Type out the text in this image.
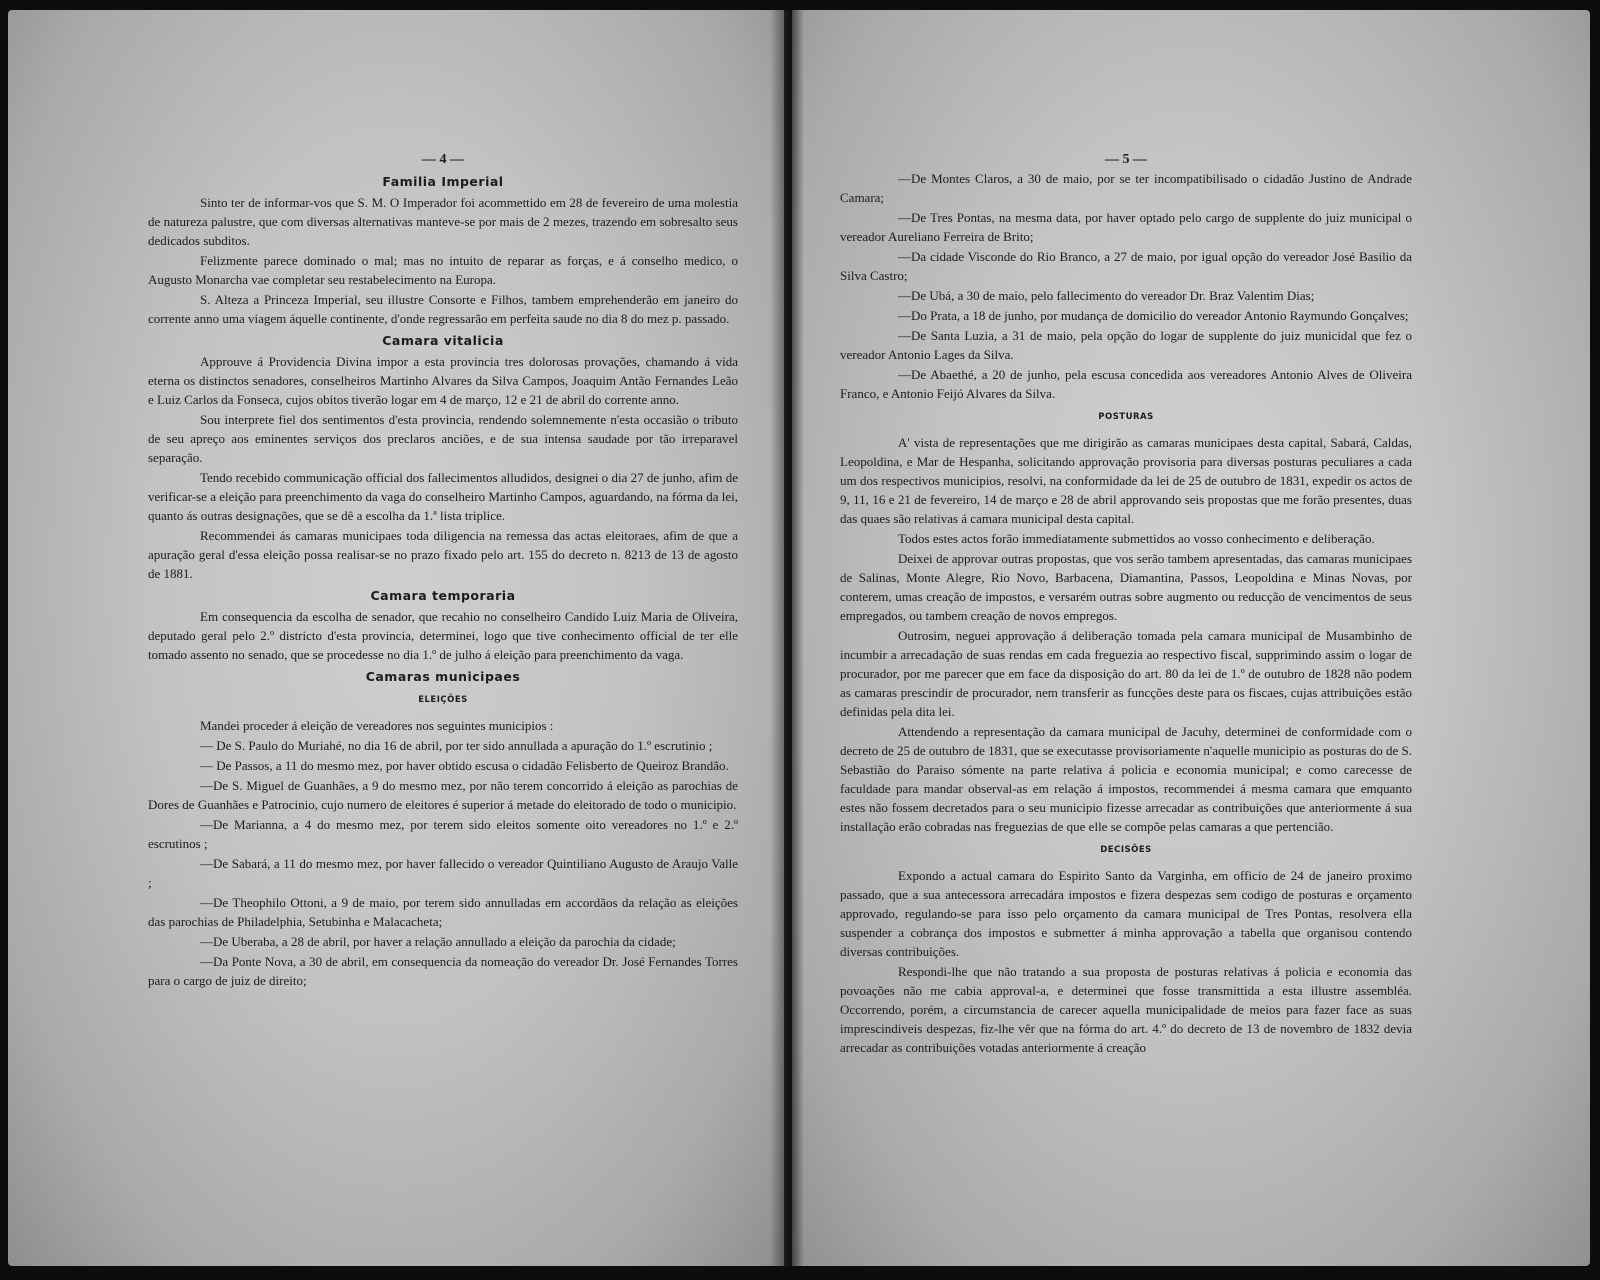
— 4 —

Familia Imperial

Sinto ter de informar-vos que S. M. O Imperador foi acommettido em 28 de fevereiro de uma molestia de natureza palustre, que com diversas alternativas manteve-se por mais de 2 mezes, trazendo em sobresalto seus dedicados subditos.

Felizmente parece dominado o mal; mas no intuito de reparar as forças, e á conselho medico, o Augusto Monarcha vae completar seu restabelecimento na Europa.

S. Alteza a Princeza Imperial, seu illustre Consorte e Filhos, tambem emprehenderão em janeiro do corrente anno uma viagem áquelle continente, d'onde regressarão em perfeita saude no dia 8 do mez p. passado.

Camara vitalicia

Approuve á Providencia Divina impor a esta provincia tres dolorosas provações, chamando á vida eterna os distinctos senadores, conselheiros Martinho Alvares da Silva Campos, Joaquim Antão Fernandes Leão e Luiz Carlos da Fonseca, cujos obitos tiverão logar em 4 de março, 12 e 21 de abril do corrente anno.

Sou interprete fiel dos sentimentos d'esta provincia, rendendo solemnemente n'esta occasião o tributo de seu apreço aos eminentes serviços dos preclaros anciões, e de sua intensa saudade por tão irreparavel separação.

Tendo recebido communicação official dos fallecimentos alludidos, designei o dia 27 de junho, afim de verificar-se a eleição para preenchimento da vaga do conselheiro Martinho Campos, aguardando, na fórma da lei, quanto ás outras designações, que se dê a escolha da 1.ª lista triplice.

Recommendei ás camaras municipaes toda diligencia na remessa das actas eleitoraes, afim de que a apuração geral d'essa eleição possa realisar-se no prazo fixado pelo art. 155 do decreto n. 8213 de 13 de agosto de 1881.

Camara temporaria

Em consequencia da escolha de senador, que recahio no conselheiro Candido Luiz Maria de Oliveira, deputado geral pelo 2.º districto d'esta provincia, determinei, logo que tive conhecimento official de ter elle tomado assento no senado, que se procedesse no dia 1.º de julho á eleição para preenchimento da vaga.

Camaras municipaes
ELEIÇÕES

Mandei proceder á eleição de vereadores nos seguintes municipios :

— De S. Paulo do Muriahé, no dia 16 de abril, por ter sido annullada a apuração do 1.º escrutinio ;

— De Passos, a 11 do mesmo mez, por haver obtido escusa o cidadão Felisberto de Queiroz Brandão.

—De S. Miguel de Guanhães, a 9 do mesmo mez, por não terem concorrido á eleição as parochias de Dores de Guanhães e Patrocinio, cujo numero de eleitores é superior á metade do eleitorado de todo o municipio.

—De Marianna, a 4 do mesmo mez, por terem sido eleitos somente oito vereadores no 1.º e 2.º escrutinos ;

—De Sabará, a 11 do mesmo mez, por haver fallecido o vereador Quintiliano Augusto de Araujo Valle ;

—De Theophilo Ottoni, a 9 de maio, por terem sido annulladas em accordãos da relação as eleições das parochias de Philadelphia, Setubinha e Malacacheta;

—De Uberaba, a 28 de abril, por haver a relação annullado a eleição da parochia da cidade;

—Da Ponte Nova, a 30 de abril, em consequencia da nomeação do vereador Dr. José Fernandes Torres para o cargo de juiz de direito;

— 5 —

—De Montes Claros, a 30 de maio, por se ter incompatibilisado o cidadão Justino de Andrade Camara;

—De Tres Pontas, na mesma data, por haver optado pelo cargo de supplente do juiz municipal o vereador Aureliano Ferreira de Brito;

—Da cidade Visconde do Rio Branco, a 27 de maio, por igual opção do vereador José Basilio da Silva Castro;

—De Ubá, a 30 de maio, pelo fallecimento do vereador Dr. Braz Valentim Dias;

—Do Prata, a 18 de junho, por mudança de domicilio do vereador Antonio Raymundo Gonçalves;

—De Santa Luzia, a 31 de maio, pela opção do logar de supplente do juiz municidal que fez o vereador Antonio Lages da Silva.

—De Abaethé, a 20 de junho, pela escusa concedida aos vereadores Antonio Alves de Oliveira Franco, e Antonio Feijó Alvares da Silva.

POSTURAS

A' vista de representações que me dirigirão as camaras municipaes desta capital, Sabará, Caldas, Leopoldina, e Mar de Hespanha, solicitando approvação provisoria para diversas posturas peculiares a cada um dos respectivos municipios, resolvi, na conformidade da lei de 25 de outubro de 1831, expedir os actos de 9, 11, 16 e 21 de fevereiro, 14 de março e 28 de abril approvando seis propostas que me forão presentes, duas das quaes são relativas á camara municipal desta capital.

Todos estes actos forão immediatamente submettidos ao vosso conhecimento e deliberação.

Deixei de approvar outras propostas, que vos serão tambem apresentadas, das camaras municipaes de Salinas, Monte Alegre, Rio Novo, Barbacena, Diamantina, Passos, Leopoldina e Minas Novas, por conterem, umas creação de impostos, e versarém outras sobre augmento ou reducção de vencimentos de seus empregados, ou tambem creação de novos empregos.

Outrosim, neguei approvação á deliberação tomada pela camara municipal de Musambinho de incumbir a arrecadação de suas rendas em cada freguezia ao respectivo fiscal, supprimindo assim o logar de procurador, por me parecer que em face da disposição do art. 80 da lei de 1.º de outubro de 1828 não podem as camaras prescindir de procurador, nem transferir as funcções deste para os fiscaes, cujas attribuições estão definidas pela dita lei.

Attendendo a representação da camara municipal de Jacuhy, determinei de conformidade com o decreto de 25 de outubro de 1831, que se executasse provisoriamente n'aquelle municipio as posturas do de S. Sebastião do Paraiso sómente na parte relativa á policia e economia municipal; e como carecesse de faculdade para mandar observal-as em relação á impostos, recommendei á mesma camara que emquanto estes não fossem decretados para o seu municipio fizesse arrecadar as contribuições que anteriormente á sua installação erão cobradas nas freguezias de que elle se compõe pelas camaras a que pertencião.

DECISÕES

Expondo a actual camara do Espirito Santo da Varginha, em officio de 24 de janeiro proximo passado, que a sua antecessora arrecadára impostos e fizera despezas sem codigo de posturas e orçamento approvado, regulando-se para isso pelo orçamento da camara municipal de Tres Pontas, resolvera ella suspender a cobrança dos impostos e submetter á minha approvação a tabella que organisou contendo diversas contribuições.

Respondi-lhe que não tratando a sua proposta de posturas relativas á policia e economia das povoações não me cabia approval-a, e determinei que fosse transmittida a esta illustre assembléa. Occorrendo, porém, a circumstancia de carecer aquella municipalidade de meios para fazer face as suas imprescindiveis despezas, fiz-lhe vêr que na fórma do art. 4.º do decreto de 13 de novembro de 1832 devia arrecadar as contribuições votadas anteriormente á creação
